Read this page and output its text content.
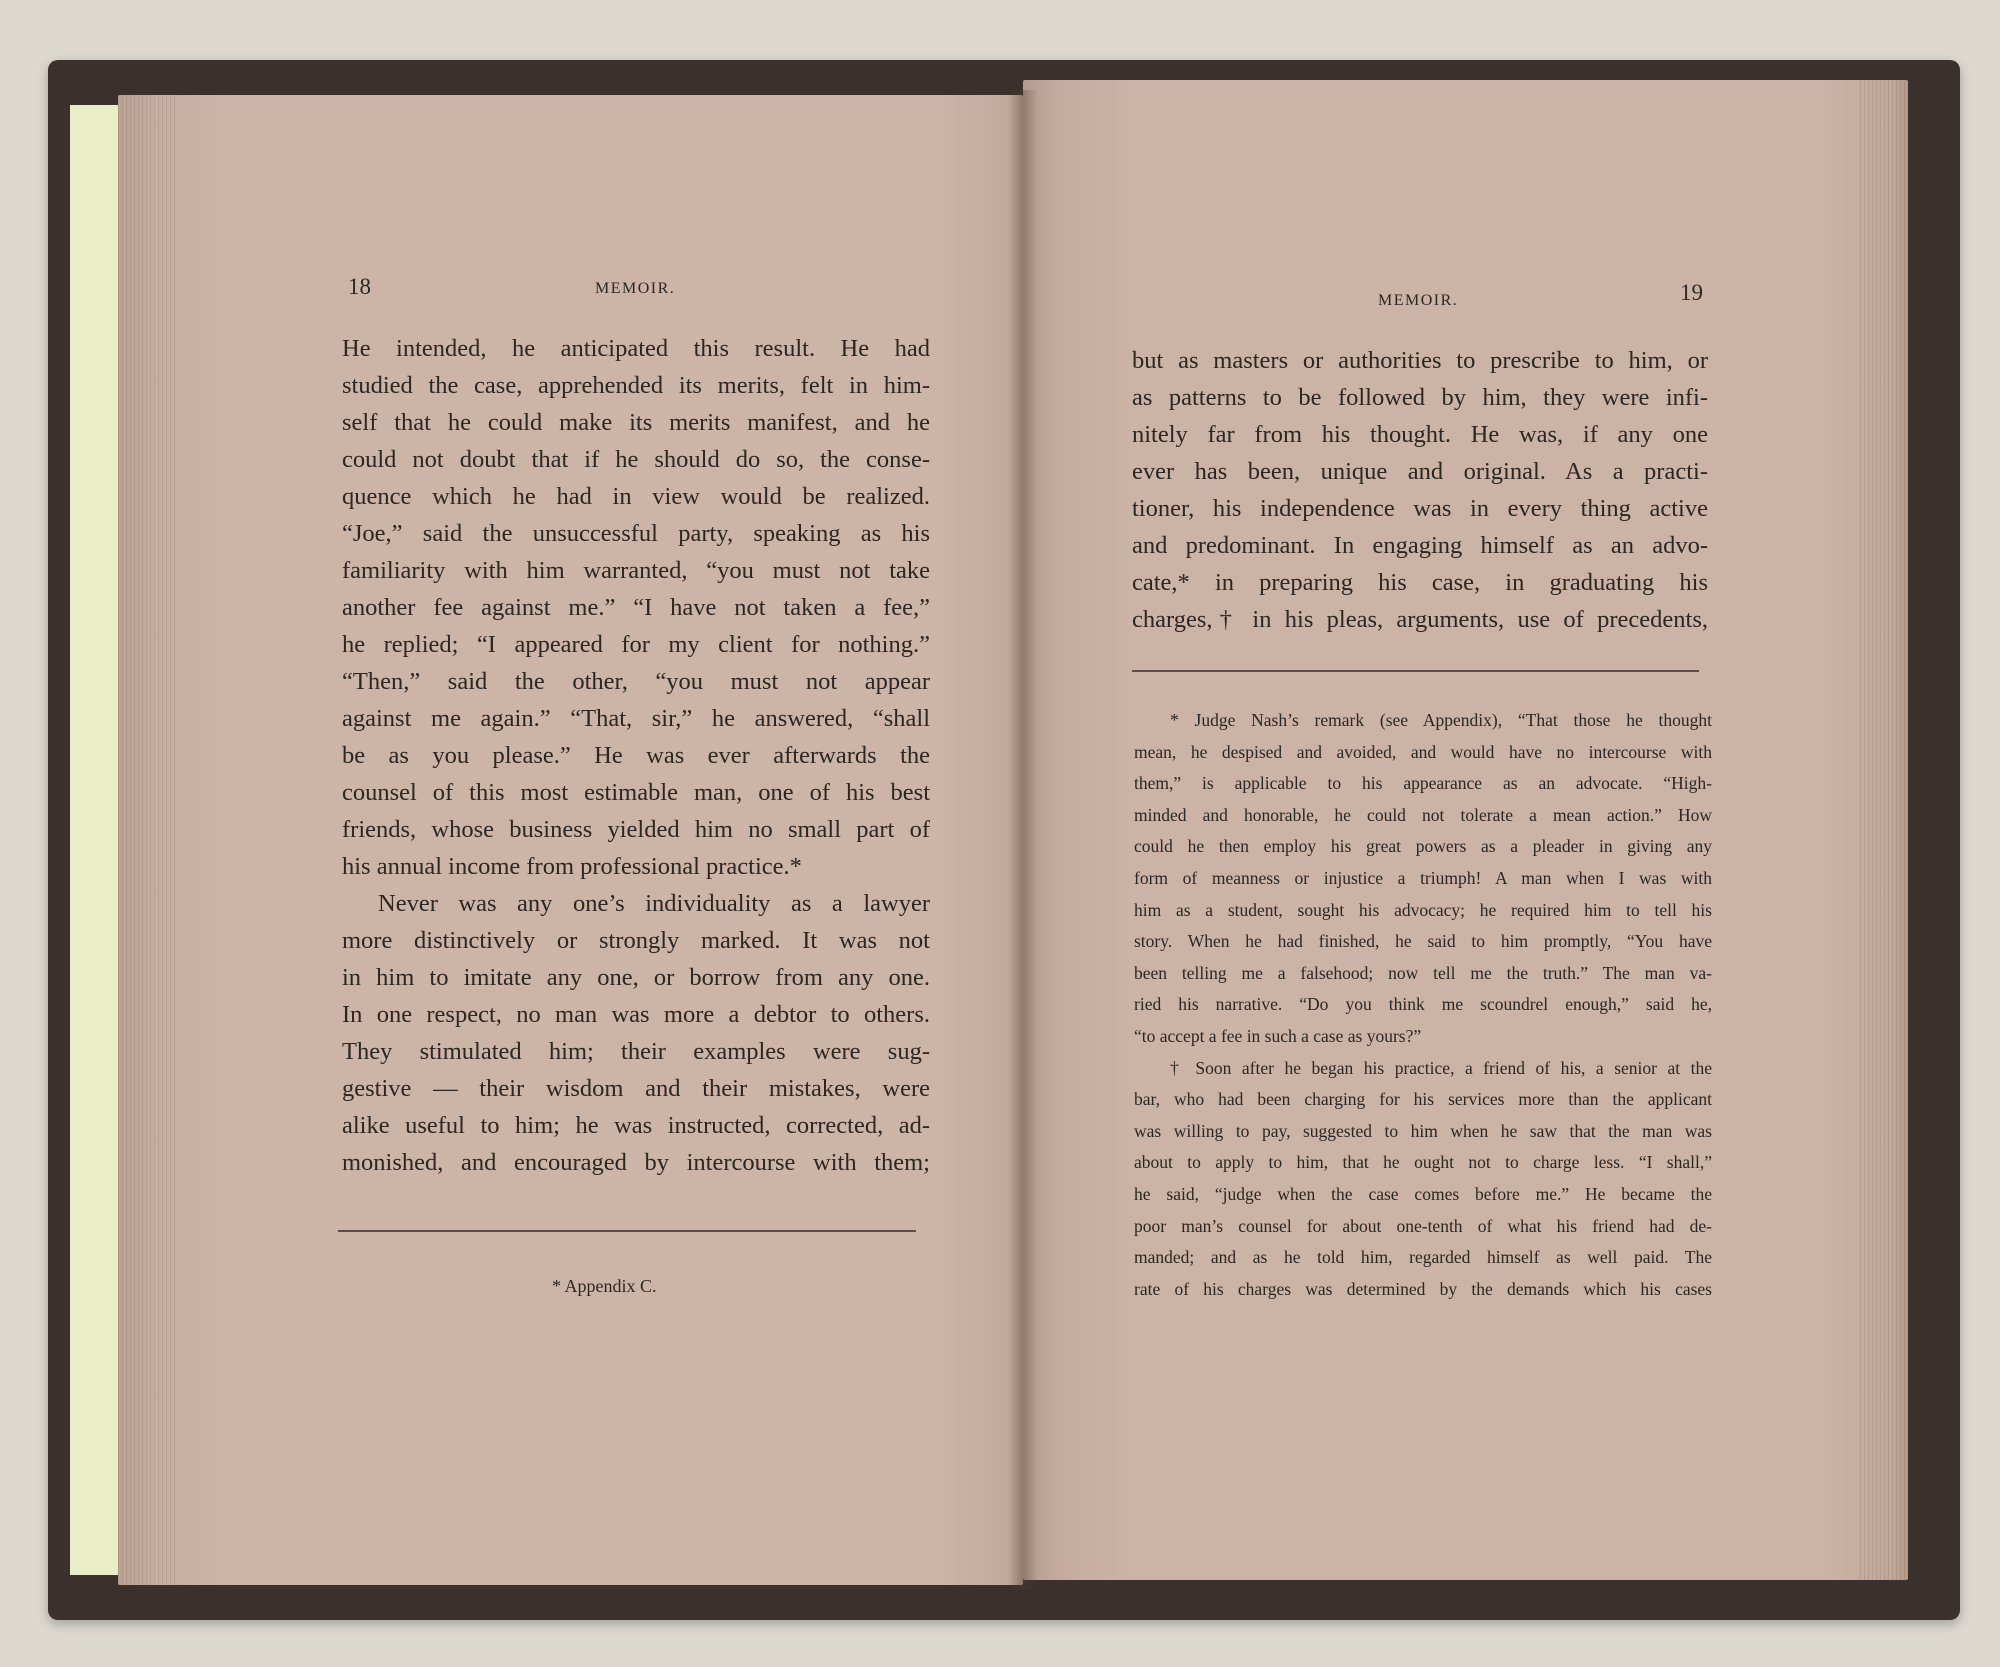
18	MEMOIR.
He intended, he anticipated this result. He had
studied the case, apprehended its merits, felt in him-
self that he could make its merits manifest, and he
could not doubt that if he should do so, the conse-
quence which he had in view would be realized.
“Joe,” said the unsuccessful party, speaking as his
familiarity with him warranted, “you must not take
another fee against me.” “I have not taken a fee,”
he replied; “I appeared for my client for nothing.”
“Then,” said the other, “you must not appear
against me again.” “That, sir,” he answered, “shall
be as you please.” He was ever afterwards the
counsel of this most estimable man, one of his best
friends, whose business yielded him no small part of
his annual income from professional practice.*
Never was any one’s individuality as a lawyer
more distinctively or strongly marked. It was not
in him to imitate any one, or borrow from any one.
In one respect, no man was more a debtor to others.
They stimulated him; their examples were sug-
gestive — their wisdom and their mistakes, were
alike useful to him; he was instructed, corrected, ad-
monished, and encouraged by intercourse with them;
* Appendix C.
MEMOIR.	19
but as masters or authorities to prescribe to him, or
as patterns to be followed by him, they were infi-
nitely far from his thought. He was, if any one
ever has been, unique and original. As a practi-
tioner, his independence was in every thing active
and predominant. In engaging himself as an advo-
cate,* in preparing his case, in graduating his
charges,† in his pleas, arguments, use of precedents,
* Judge Nash’s remark (see Appendix), “That those he thought
mean, he despised and avoided, and would have no intercourse with
them,” is applicable to his appearance as an advocate. “High-
minded and honorable, he could not tolerate a mean action.” How
could he then employ his great powers as a pleader in giving any
form of meanness or injustice a triumph! A man when I was with
him as a student, sought his advocacy; he required him to tell his
story. When he had finished, he said to him promptly, “You have
been telling me a falsehood; now tell me the truth.” The man va-
ried his narrative. “Do you think me scoundrel enough,” said he,
“to accept a fee in such a case as yours?”
† Soon after he began his practice, a friend of his, a senior at the
bar, who had been charging for his services more than the applicant
was willing to pay, suggested to him when he saw that the man was
about to apply to him, that he ought not to charge less. “I shall,”
he said, “judge when the case comes before me.” He became the
poor man’s counsel for about one-tenth of what his friend had de-
manded; and as he told him, regarded himself as well paid. The
rate of his charges was determined by the demands which his cases
